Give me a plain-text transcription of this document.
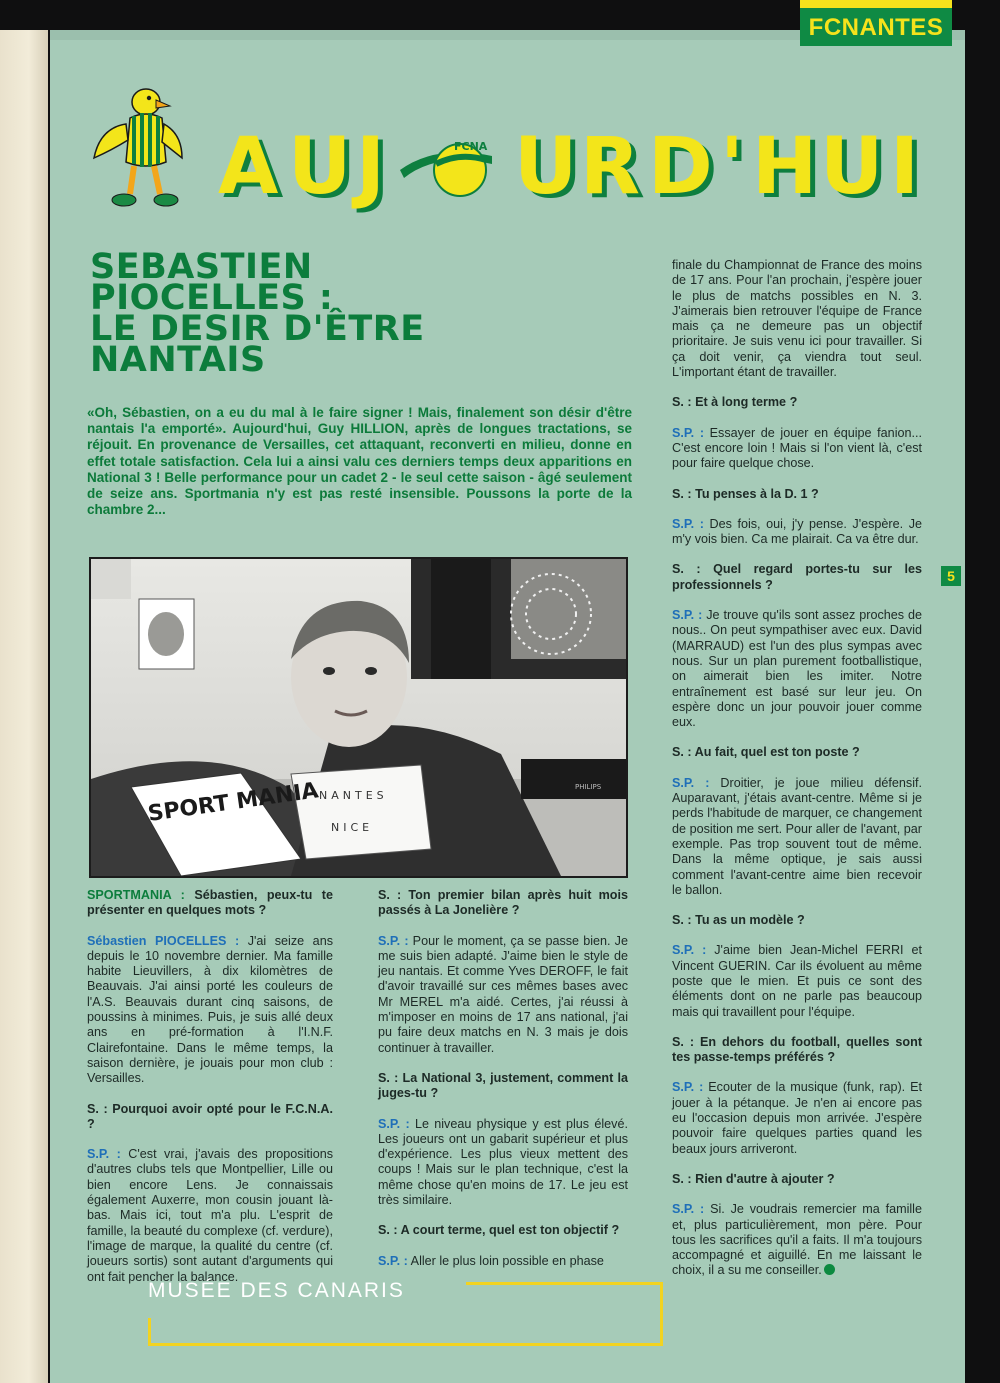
FCNANTES
5
A U J	FCNA U R D ' H U I
SEBASTIEN
PIOCELLES :
LE DESIR D'ÊTRE
NANTAIS
«Oh, Sébastien, on a eu du mal à le faire signer ! Mais, finalement son désir d'être nantais l'a emporté». Aujourd'hui, Guy HILLION, après de longues tractations, se réjouit. En provenance de Versailles, cet attaquant, reconverti en milieu, donne en effet totale satisfaction. Cela lui a ainsi valu ces derniers temps deux apparitions en National 3 ! Belle performance pour un cadet 2 - le seul cette saison - âgé seulement de seize ans. Sportmania n'y est pas resté insensible. Poussons la porte de la chambre 2...
SPORT MANIA
NANTES
NICE
PHILIPS

SPORTMANIA : Sébastien, peux-tu te présenter en quelques mots ?

Sébastien PIOCELLES : J'ai seize ans depuis le 10 novembre dernier. Ma famille habite Lieuvillers, à dix kilomètres de Beauvais. J'ai ainsi porté les couleurs de l'A.S. Beauvais durant cinq saisons, de poussins à minimes. Puis, je suis allé deux ans en pré-formation à l'I.N.F. Clairefontaine. Dans le même temps, la saison dernière, je jouais pour mon club : Versailles.

S. : Pourquoi avoir opté pour le F.C.N.A. ?

S.P. : C'est vrai, j'avais des propositions d'autres clubs tels que Montpellier, Lille ou bien encore Lens. Je connaissais également Auxerre, mon cousin jouant là-bas. Mais ici, tout m'a plu. L'esprit de famille, la beauté du complexe (cf. verdure), l'image de marque, la qualité du centre (cf. joueurs sortis) sont autant d'arguments qui ont fait pencher la balance.

S. : Ton premier bilan après huit mois passés à La Jonelière ?

S.P. : Pour le moment, ça se passe bien. Je me suis bien adapté. J'aime bien le style de jeu nantais. Et comme Yves DEROFF, le fait d'avoir travaillé sur ces mêmes bases avec Mr MEREL m'a aidé. Certes, j'ai réussi à m'imposer en moins de 17 ans national, j'ai pu faire deux matchs en N. 3 mais je dois continuer à travailler.

S. : La National 3, justement, comment la juges-tu ?

S.P. : Le niveau physique y est plus élevé. Les joueurs ont un gabarit supérieur et plus d'expérience. Les plus vieux mettent des coups ! Mais sur le plan technique, c'est la même chose qu'en moins de 17. Le jeu est très similaire.

S. : A court terme, quel est ton objectif ?

S.P. : Aller le plus loin possible en phase

finale du Championnat de France des moins de 17 ans. Pour l'an prochain, j'espère jouer le plus de matchs possibles en N. 3. J'aimerais bien retrouver l'équipe de France mais ça ne demeure pas un objectif prioritaire. Je suis venu ici pour travailler. Si ça doit venir, ça viendra tout seul. L'important étant de travailler.

S. : Et à long terme ?

S.P. : Essayer de jouer en équipe fanion... C'est encore loin ! Mais si l'on vient là, c'est pour faire quelque chose.

S. : Tu penses à la D. 1 ?

S.P. : Des fois, oui, j'y pense. J'espère. Je m'y vois bien. Ca me plairait. Ca va être dur.

S. : Quel regard portes-tu sur les professionnels ?

S.P. : Je trouve qu'ils sont assez proches de nous.. On peut sympathiser avec eux. David (MARRAUD) est l'un des plus sympas avec nous. Sur un plan purement footballistique, on aimerait bien les imiter. Notre entraînement est basé sur leur jeu. On espère donc un jour pouvoir jouer comme eux.

S. : Au fait, quel est ton poste ?

S.P. : Droitier, je joue milieu défensif. Auparavant, j'étais avant-centre. Même si je perds l'habitude de marquer, ce changement de position me sert. Pour aller de l'avant, par exemple. Pas trop souvent tout de même. Dans la même optique, je sais aussi comment l'avant-centre aime bien recevoir le ballon.

S. : Tu as un modèle ?

S.P. : J'aime bien Jean-Michel FERRI et Vincent GUERIN. Car ils évoluent au même poste que le mien. Et puis ce sont des éléments dont on ne parle pas beaucoup mais qui travaillent pour l'équipe.

S. : En dehors du football, quelles sont tes passe-temps préférés ?

S.P. : Ecouter de la musique (funk, rap). Et jouer à la pétanque. Je n'en ai encore pas eu l'occasion depuis mon arrivée. J'espère pouvoir faire quelques parties quand les beaux jours arriveront.

S. : Rien d'autre à ajouter ?

S.P. : Si. Je voudrais remercier ma famille et, plus particulièrement, mon père. Pour tous les sacrifices qu'il a faits. Il m'a toujours accompagné et aiguillé. En me laissant le choix, il a su me conseiller.

MUSÉE DES CANARIS
